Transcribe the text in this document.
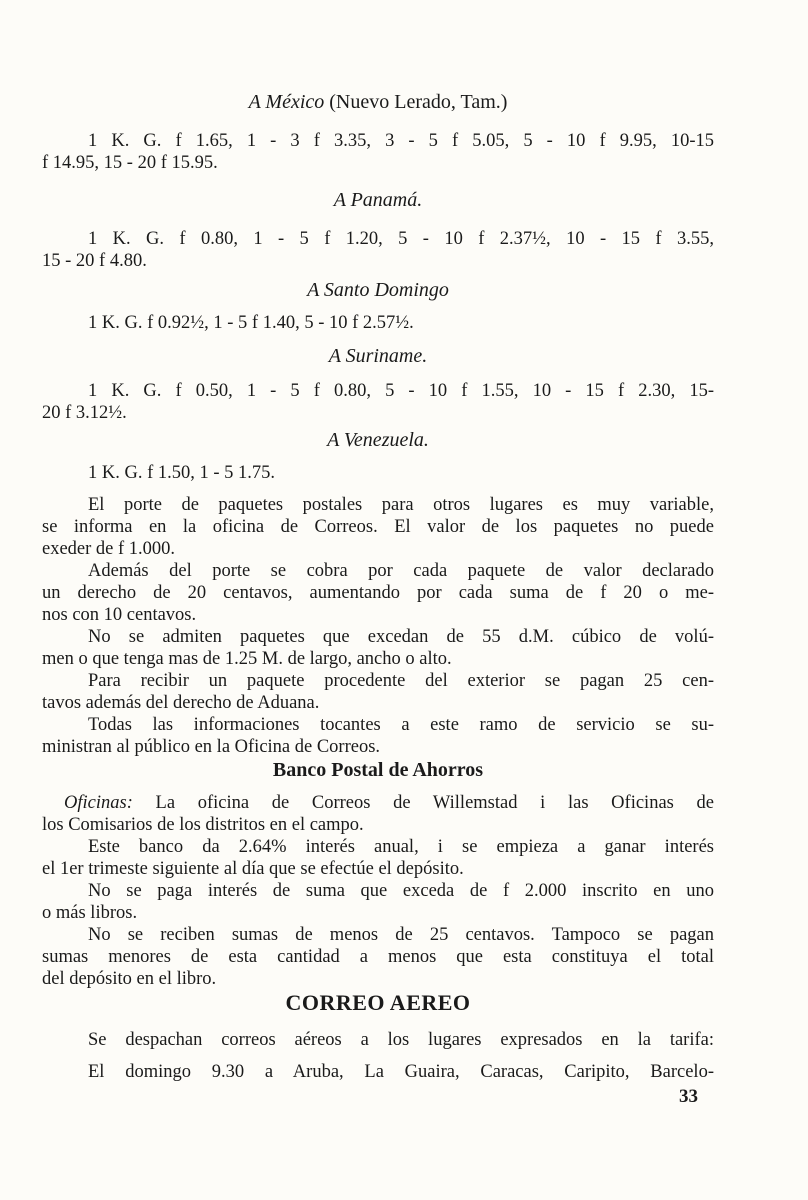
A México (Nuevo Lerado, Tam.)
1 K. G. f 1.65, 1 - 3 f 3.35, 3 - 5 f 5.05, 5 - 10 f 9.95, 10-15
f 14.95, 15 - 20 f 15.95.
A Panamá.
1 K. G. f 0.80, 1 - 5 f 1.20, 5 - 10 f 2.37½, 10 - 15 f 3.55,
15 - 20 f 4.80.
A Santo Domingo
1 K. G. f 0.92½, 1 - 5 f 1.40, 5 - 10 f 2.57½.
A Suriname.
1 K. G. f 0.50, 1 - 5 f 0.80, 5 - 10 f 1.55, 10 - 15 f 2.30, 15-
20 f 3.12½.
A Venezuela.
1 K. G. f 1.50, 1 - 5 1.75.
El porte de paquetes postales para otros lugares es muy variable,
se informa en la oficina de Correos. El valor de los paquetes no puede
exeder de f 1.000.
Además del porte se cobra por cada paquete de valor declarado
un derecho de 20 centavos, aumentando por cada suma de f 20 o me-
nos con 10 centavos.
No se admiten paquetes que excedan de 55 d.M. cúbico de volú-
men o que tenga mas de 1.25 M. de largo, ancho o alto.
Para recibir un paquete procedente del exterior se pagan 25 cen-
tavos además del derecho de Aduana.
Todas las informaciones tocantes a este ramo de servicio se su-
ministran al público en la Oficina de Correos.
Banco Postal de Ahorros
Oficinas: La oficina de Correos de Willemstad i las Oficinas de
los Comisarios de los distritos en el campo.
Este banco da 2.64% interés anual, i se empieza a ganar interés
el 1er trimeste siguiente al día que se efectúe el depósito.
No se paga interés de suma que exceda de f 2.000 inscrito en uno
o más libros.
No se reciben sumas de menos de 25 centavos. Tampoco se pagan
sumas menores de esta cantidad a menos que esta constituya el total
del depósito en el libro.
CORREO AEREO
Se despachan correos aéreos a los lugares expresados en la tarifa:
El domingo 9.30 a Aruba, La Guaira, Caracas, Caripito, Barcelo-
33
